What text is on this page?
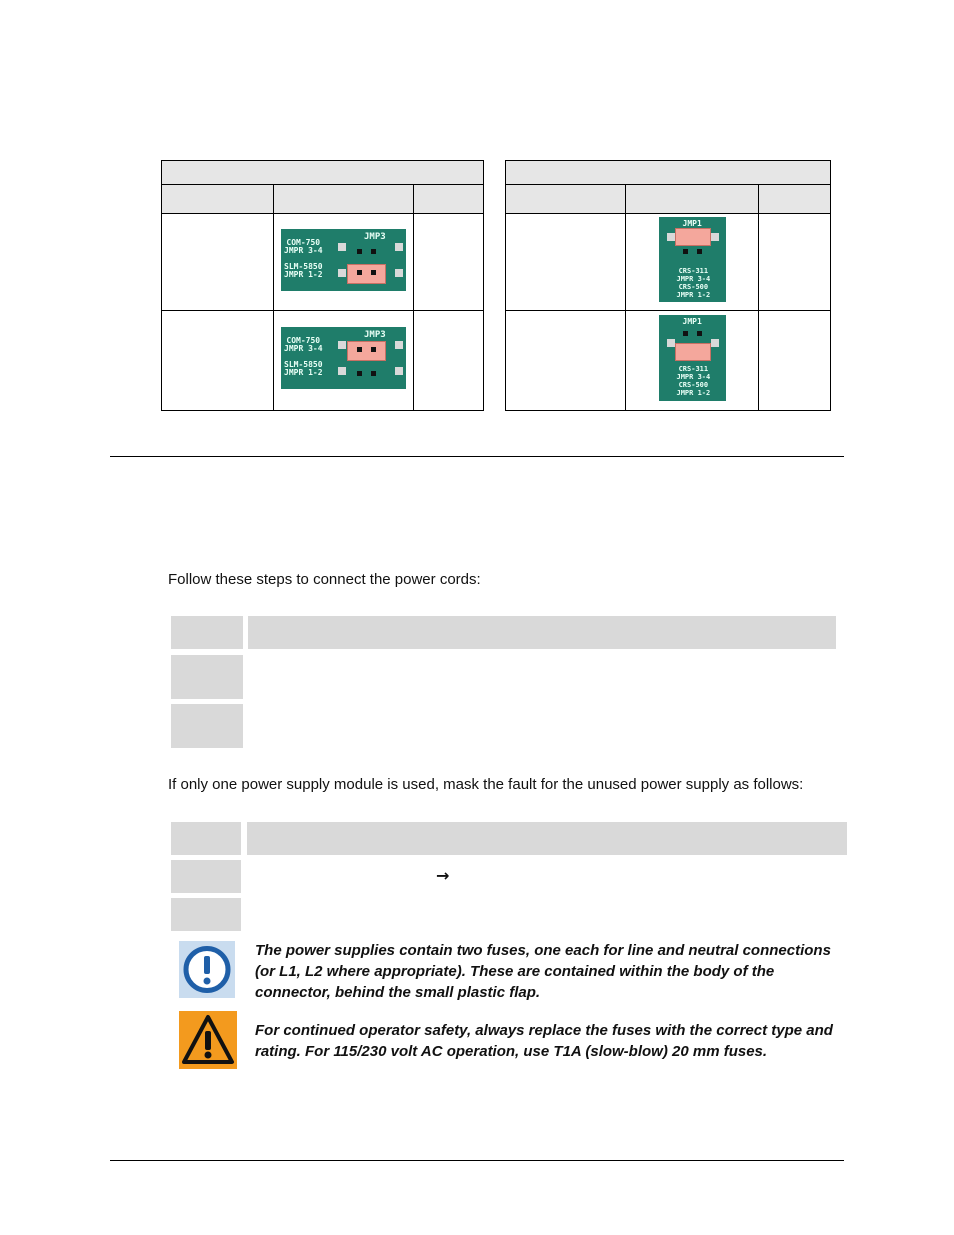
	JMP3
COM-750
JMPR 3-4

SLM-5850
JMPR 1-2	

	JMP3
COM-750
JMPR 3-4

SLM-5850
JMPR 1-2	

	JMP1
CRS-311
JMPR 3-4
CRS-500
JMPR 1-2	

	JMP1
CRS-311
JMPR 3-4
CRS-500
JMPR 1-2	

Follow these steps to connect the power cords:
If only one power supply module is used, mask the fault for the unused power supply as follows:
→
The power supplies contain two fuses, one each for line and neutral connections (or L1, L2 where appropriate). These are contained within the body of the connector, behind the small plastic flap.
For continued operator safety, always replace the fuses with the correct type and rating. For 115/230 volt AC operation, use T1A (slow-blow) 20 mm fuses.
